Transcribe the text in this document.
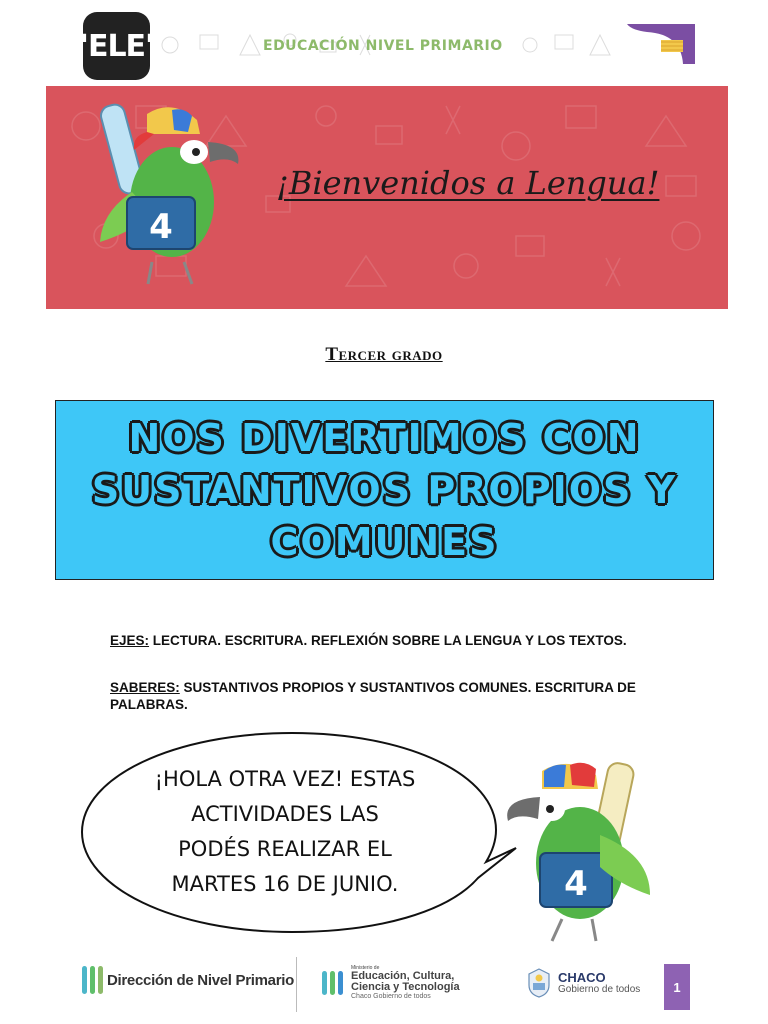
'ELE'	EDUCACIÓN NIVEL PRIMARIO
4
¡Bienvenidos a Lengua!
Tercer grado
NOS DIVERTIMOS CON
SUSTANTIVOS PROPIOS Y
COMUNES
EJES: LECTURA. ESCRITURA. REFLEXIÓN SOBRE LA LENGUA Y LOS TEXTOS.
SABERES: SUSTANTIVOS PROPIOS Y SUSTANTIVOS COMUNES. ESCRITURA DE PALABRAS.
¡HOLA OTRA VEZ! ESTAS
ACTIVIDADES LAS
PODÉS REALIZAR EL
MARTES 16 DE JUNIO.	4
Dirección de Nivel Primario
Ministerio de
Educación, Cultura,
Ciencia y Tecnología
Chaco Gobierno de todos
CHACO
Gobierno de todos	1
